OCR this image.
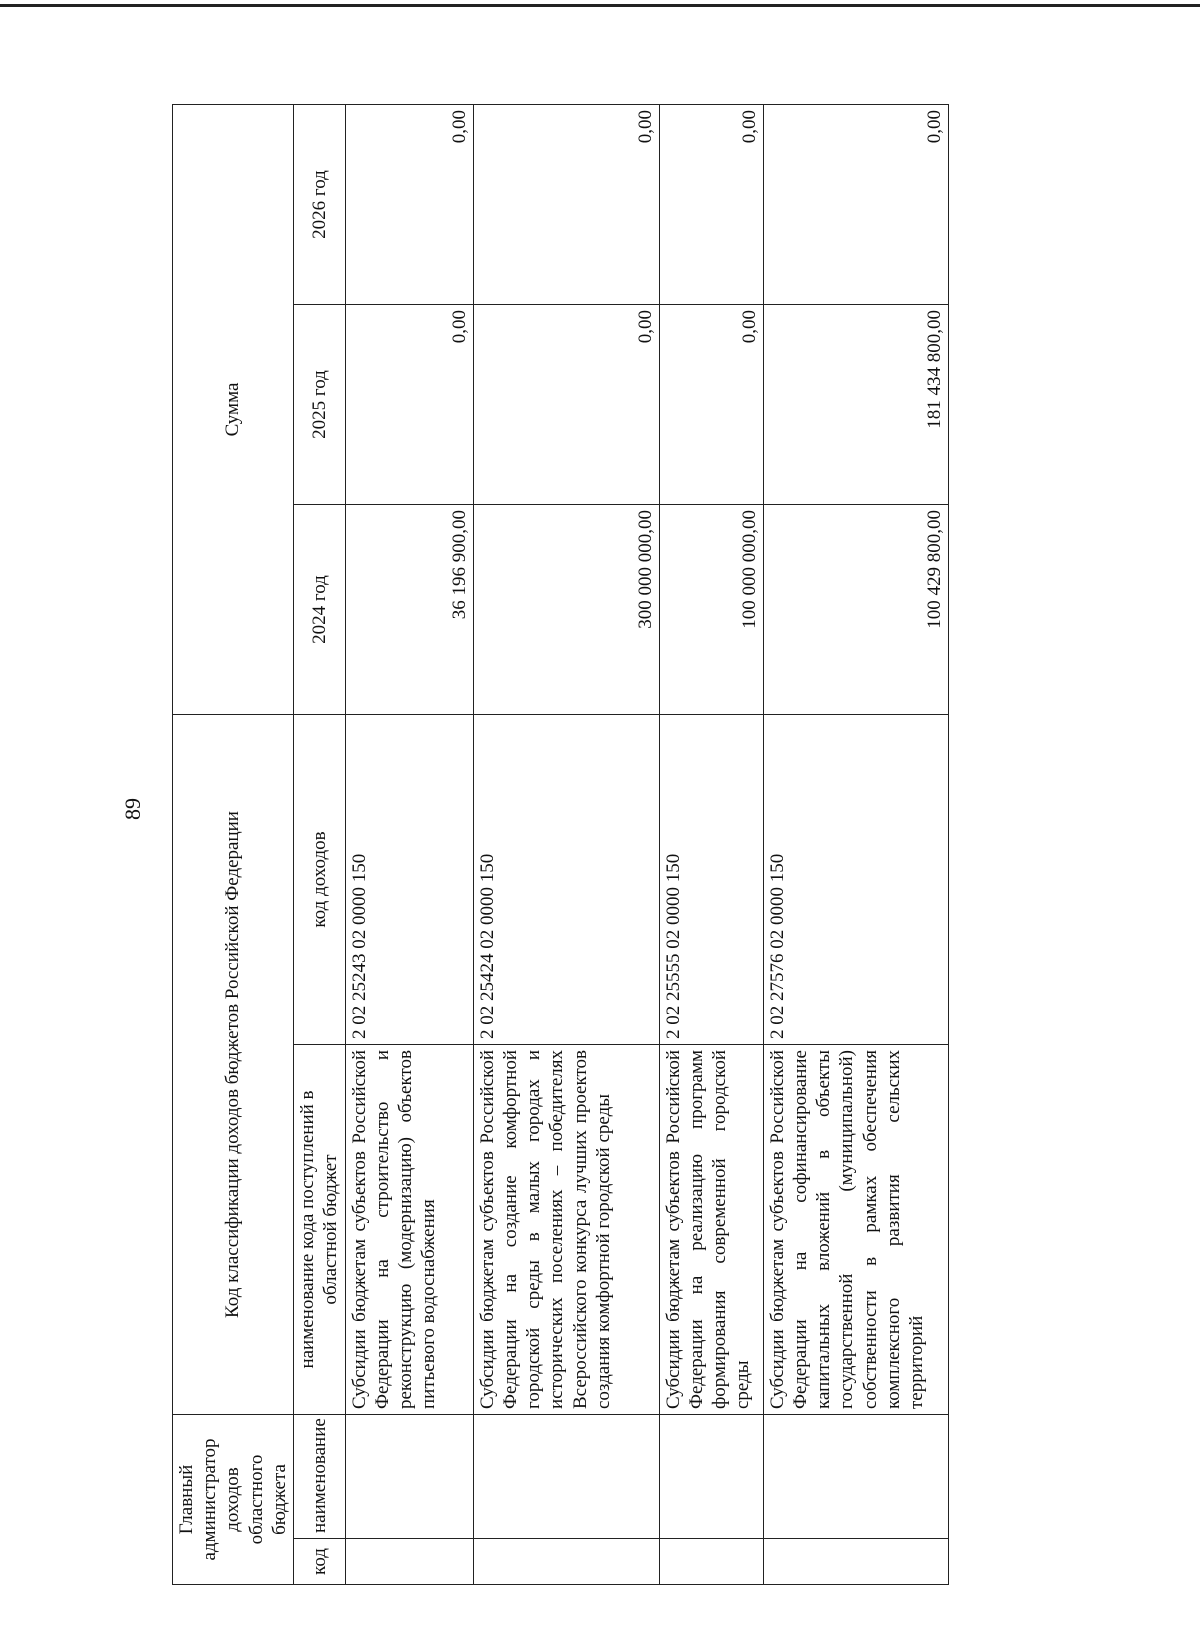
89
Главный администратор доходов областного бюджета		Код классификации доходов бюджетов Российской Федерации		Сумма		
код	наименование	наименование кода поступлений в областной бюджет	код доходов	2024 год	2025 год	2026 год
		Субсидии бюджетам субъектов Российской Федерации на строительство и реконструкцию (модернизацию) объектов питьевого водоснабжения	2 02 25243 02 0000 150	36 196 900,00	0,00	0,00
		Субсидии бюджетам субъектов Российской Федерации на создание комфортной городской среды в малых городах и исторических поселениях – победителях Всероссийского конкурса лучших проектов создания комфортной городской среды	2 02 25424 02 0000 150	300 000 000,00	0,00	0,00
		Субсидии бюджетам субъектов Российской Федерации на реализацию программ формирования современной городской среды	2 02 25555 02 0000 150	100 000 000,00	0,00	0,00
		Субсидии бюджетам субъектов Российской Федерации на софинансирование капитальных вложений в объекты государственной (муниципальной) собственности в рамках обеспечения комплексного развития сельских территорий	2 02 27576 02 0000 150	100 429 800,00	181 434 800,00	0,00
